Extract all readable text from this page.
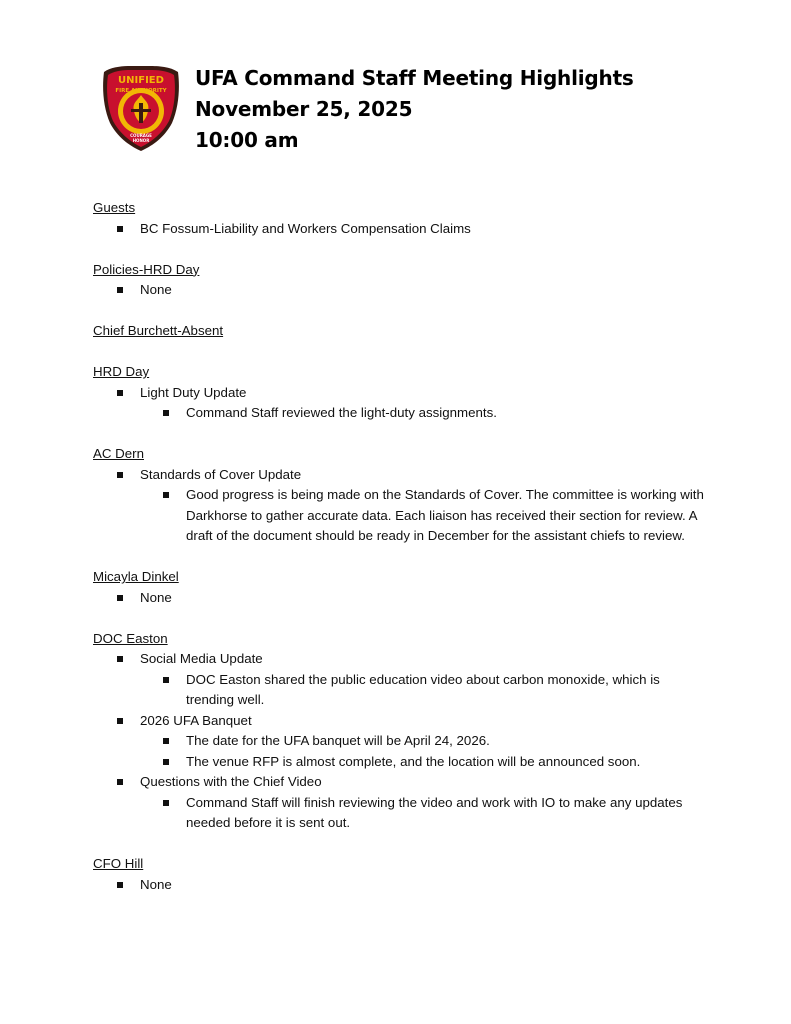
UNIFIED
FIRE AUTHORITY
COURAGE
HONOR
UFA Command Staff Meeting Highlights
November 25, 2025
10:00 am
Guests
BC Fossum-Liability and Workers Compensation Claims
Policies-HRD Day
None
Chief Burchett-Absent
HRD Day
Light Duty Update
Command Staff reviewed the light-duty assignments.
AC Dern
Standards of Cover Update
Good progress is being made on the Standards of Cover. The committee is working with Darkhorse to gather accurate data. Each liaison has received their section for review. A draft of the document should be ready in December for the assistant chiefs to review.
Micayla Dinkel
None
DOC Easton
Social Media Update
DOC Easton shared the public education video about carbon monoxide, which is trending well.
2026 UFA Banquet
The date for the UFA banquet will be April 24, 2026.
The venue RFP is almost complete, and the location will be announced soon.
Questions with the Chief Video
Command Staff will finish reviewing the video and work with IO to make any updates needed before it is sent out.
CFO Hill
None
